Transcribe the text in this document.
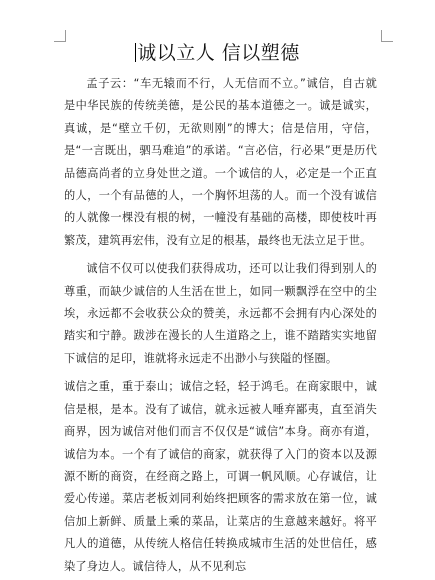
诚以立人 信以塑德

孟子云：“车无辕而不行，人无信而不立。”诚信，自古就是中华民族的传统美德，是公民的基本道德之一。诚是诚实，真诚，是“壁立千仞，无欲则刚”的博大；信是信用，守信，是“一言既出，驷马难追”的承诺。“言必信，行必果”更是历代品德高尚者的立身处世之道。一个诚信的人，必定是一个正直的人，一个有品德的人，一个胸怀坦荡的人。而一个没有诚信的人就像一棵没有根的树，一幢没有基础的高楼，即使枝叶再繁茂，建筑再宏伟，没有立足的根基，最终也无法立足于世。

诚信不仅可以使我们获得成功，还可以让我们得到别人的尊重，而缺少诚信的人生活在世上，如同一颗飘浮在空中的尘埃，永远都不会收获公众的赞美，永远都不会拥有内心深处的踏实和宁静。跋涉在漫长的人生道路之上，谁不踏踏实实地留下诚信的足印，谁就将永远走不出渺小与狭隘的怪圈。

诚信之重，重于泰山；诚信之轻，轻于鸿毛。在商家眼中，诚信是根，是本。没有了诚信，就永远被人唾弃鄙夷，直至消失商界，因为诚信对他们而言不仅仅是“诚信”本身。商亦有道，诚信为本。一个有了诚信的商家，就获得了入门的资本以及源源不断的商资，在经商之路上，可调一帆风顺。心存诚信，让爱心传递。菜店老板刘同利始终把顾客的需求放在第一位，诚信加上新鲜、质量上乘的菜品，让菜店的生意越来越好。将平凡人的道德，从传统人格信任转换成城市生活的处世信任，感染了身边人。诚信待人，从不见利忘
